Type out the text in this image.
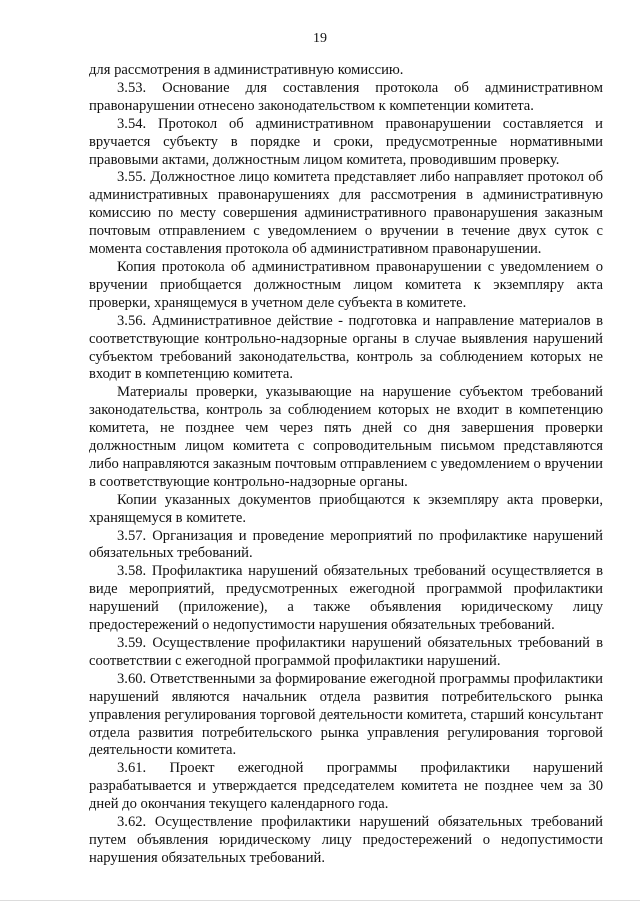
19

для рассмотрения в административную комиссию.

3.53. Основание для составления протокола об административном правонарушении отнесено законодательством к компетенции комитета.

3.54. Протокол об административном правонарушении составляется и вручается субъекту в порядке и сроки, предусмотренные нормативными правовыми актами, должностным лицом комитета, проводившим проверку.

3.55. Должностное лицо комитета представляет либо направляет протокол об административных правонарушениях для рассмотрения в административную комиссию по месту совершения административного правонарушения заказным почтовым отправлением с уведомлением о вручении в течение двух суток с момента составления протокола об административном правонарушении.

Копия протокола об административном правонарушении с уведомлением о вручении приобщается должностным лицом комитета к экземпляру акта проверки, хранящемуся в учетном деле субъекта в комитете.

3.56. Административное действие - подготовка и направление материалов в соответствующие контрольно-надзорные органы в случае выявления нарушений субъектом требований законодательства, контроль за соблюдением которых не входит в компетенцию комитета.

Материалы проверки, указывающие на нарушение субъектом требований законодательства, контроль за соблюдением которых не входит в компетенцию комитета, не позднее чем через пять дней со дня завершения проверки должностным лицом комитета с сопроводительным письмом представляются либо направляются заказным почтовым отправлением с уведомлением о вручении в соответствующие контрольно-надзорные органы.

Копии указанных документов приобщаются к экземпляру акта проверки, хранящемуся в комитете.

3.57. Организация и проведение мероприятий по профилактике нарушений обязательных требований.

3.58. Профилактика нарушений обязательных требований осуществляется в виде мероприятий, предусмотренных ежегодной программой профилактики нарушений (приложение), а также объявления юридическому лицу предостережений о недопустимости нарушения обязательных требований.

3.59. Осуществление профилактики нарушений обязательных требований в соответствии с ежегодной программой профилактики нарушений.

3.60. Ответственными за формирование ежегодной программы профилактики нарушений являются начальник отдела развития потребительского рынка управления регулирования торговой деятельности комитета, старший консультант отдела развития потребительского рынка управления регулирования торговой деятельности комитета.

3.61. Проект ежегодной программы профилактики нарушений разрабатывается и утверждается председателем комитета не позднее чем за 30 дней до окончания текущего календарного года.

3.62. Осуществление профилактики нарушений обязательных требований путем объявления юридическому лицу предостережений о недопустимости нарушения обязательных требований.
